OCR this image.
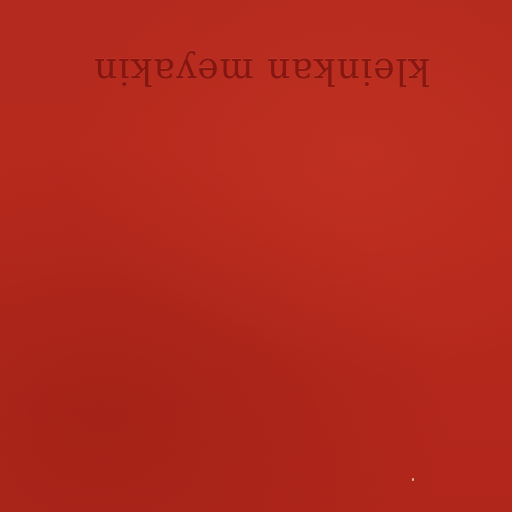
kleinkan meyakin
